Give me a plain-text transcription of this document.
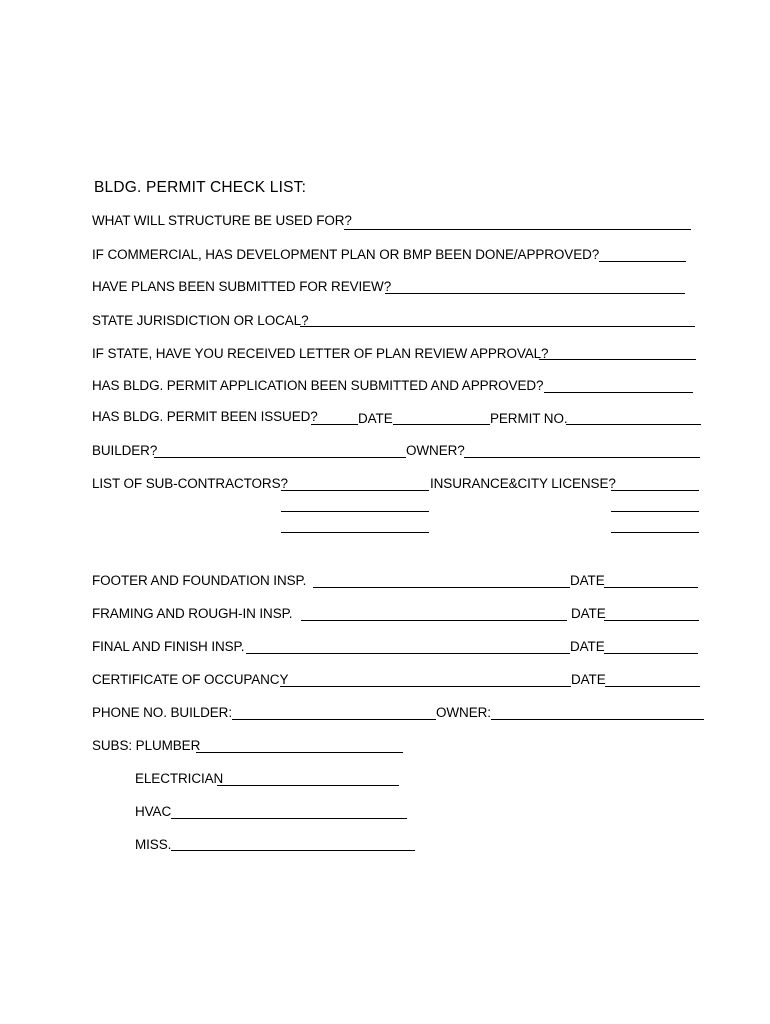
BLDG. PERMIT CHECK LIST:
WHAT WILL STRUCTURE BE USED FOR?
IF COMMERCIAL, HAS DEVELOPMENT PLAN OR BMP BEEN DONE/APPROVED?
HAVE PLANS BEEN SUBMITTED FOR REVIEW?
STATE JURISDICTION OR LOCAL?
IF STATE, HAVE YOU RECEIVED LETTER OF PLAN REVIEW APPROVAL?
HAS BLDG. PERMIT APPLICATION BEEN SUBMITTED AND APPROVED?
HAS BLDG. PERMIT BEEN ISSUED?	DATE	PERMIT NO.
BUILDER?	OWNER?
LIST OF SUB-CONTRACTORS?	INSURANCE&CITY LICENSE?
FOOTER AND FOUNDATION INSP.	DATE
FRAMING AND ROUGH-IN INSP.	DATE
FINAL AND FINISH INSP.	DATE
CERTIFICATE OF OCCUPANCY	DATE
PHONE NO. BUILDER:	OWNER:
SUBS: PLUMBER
ELECTRICIAN
HVAC
MISS.
